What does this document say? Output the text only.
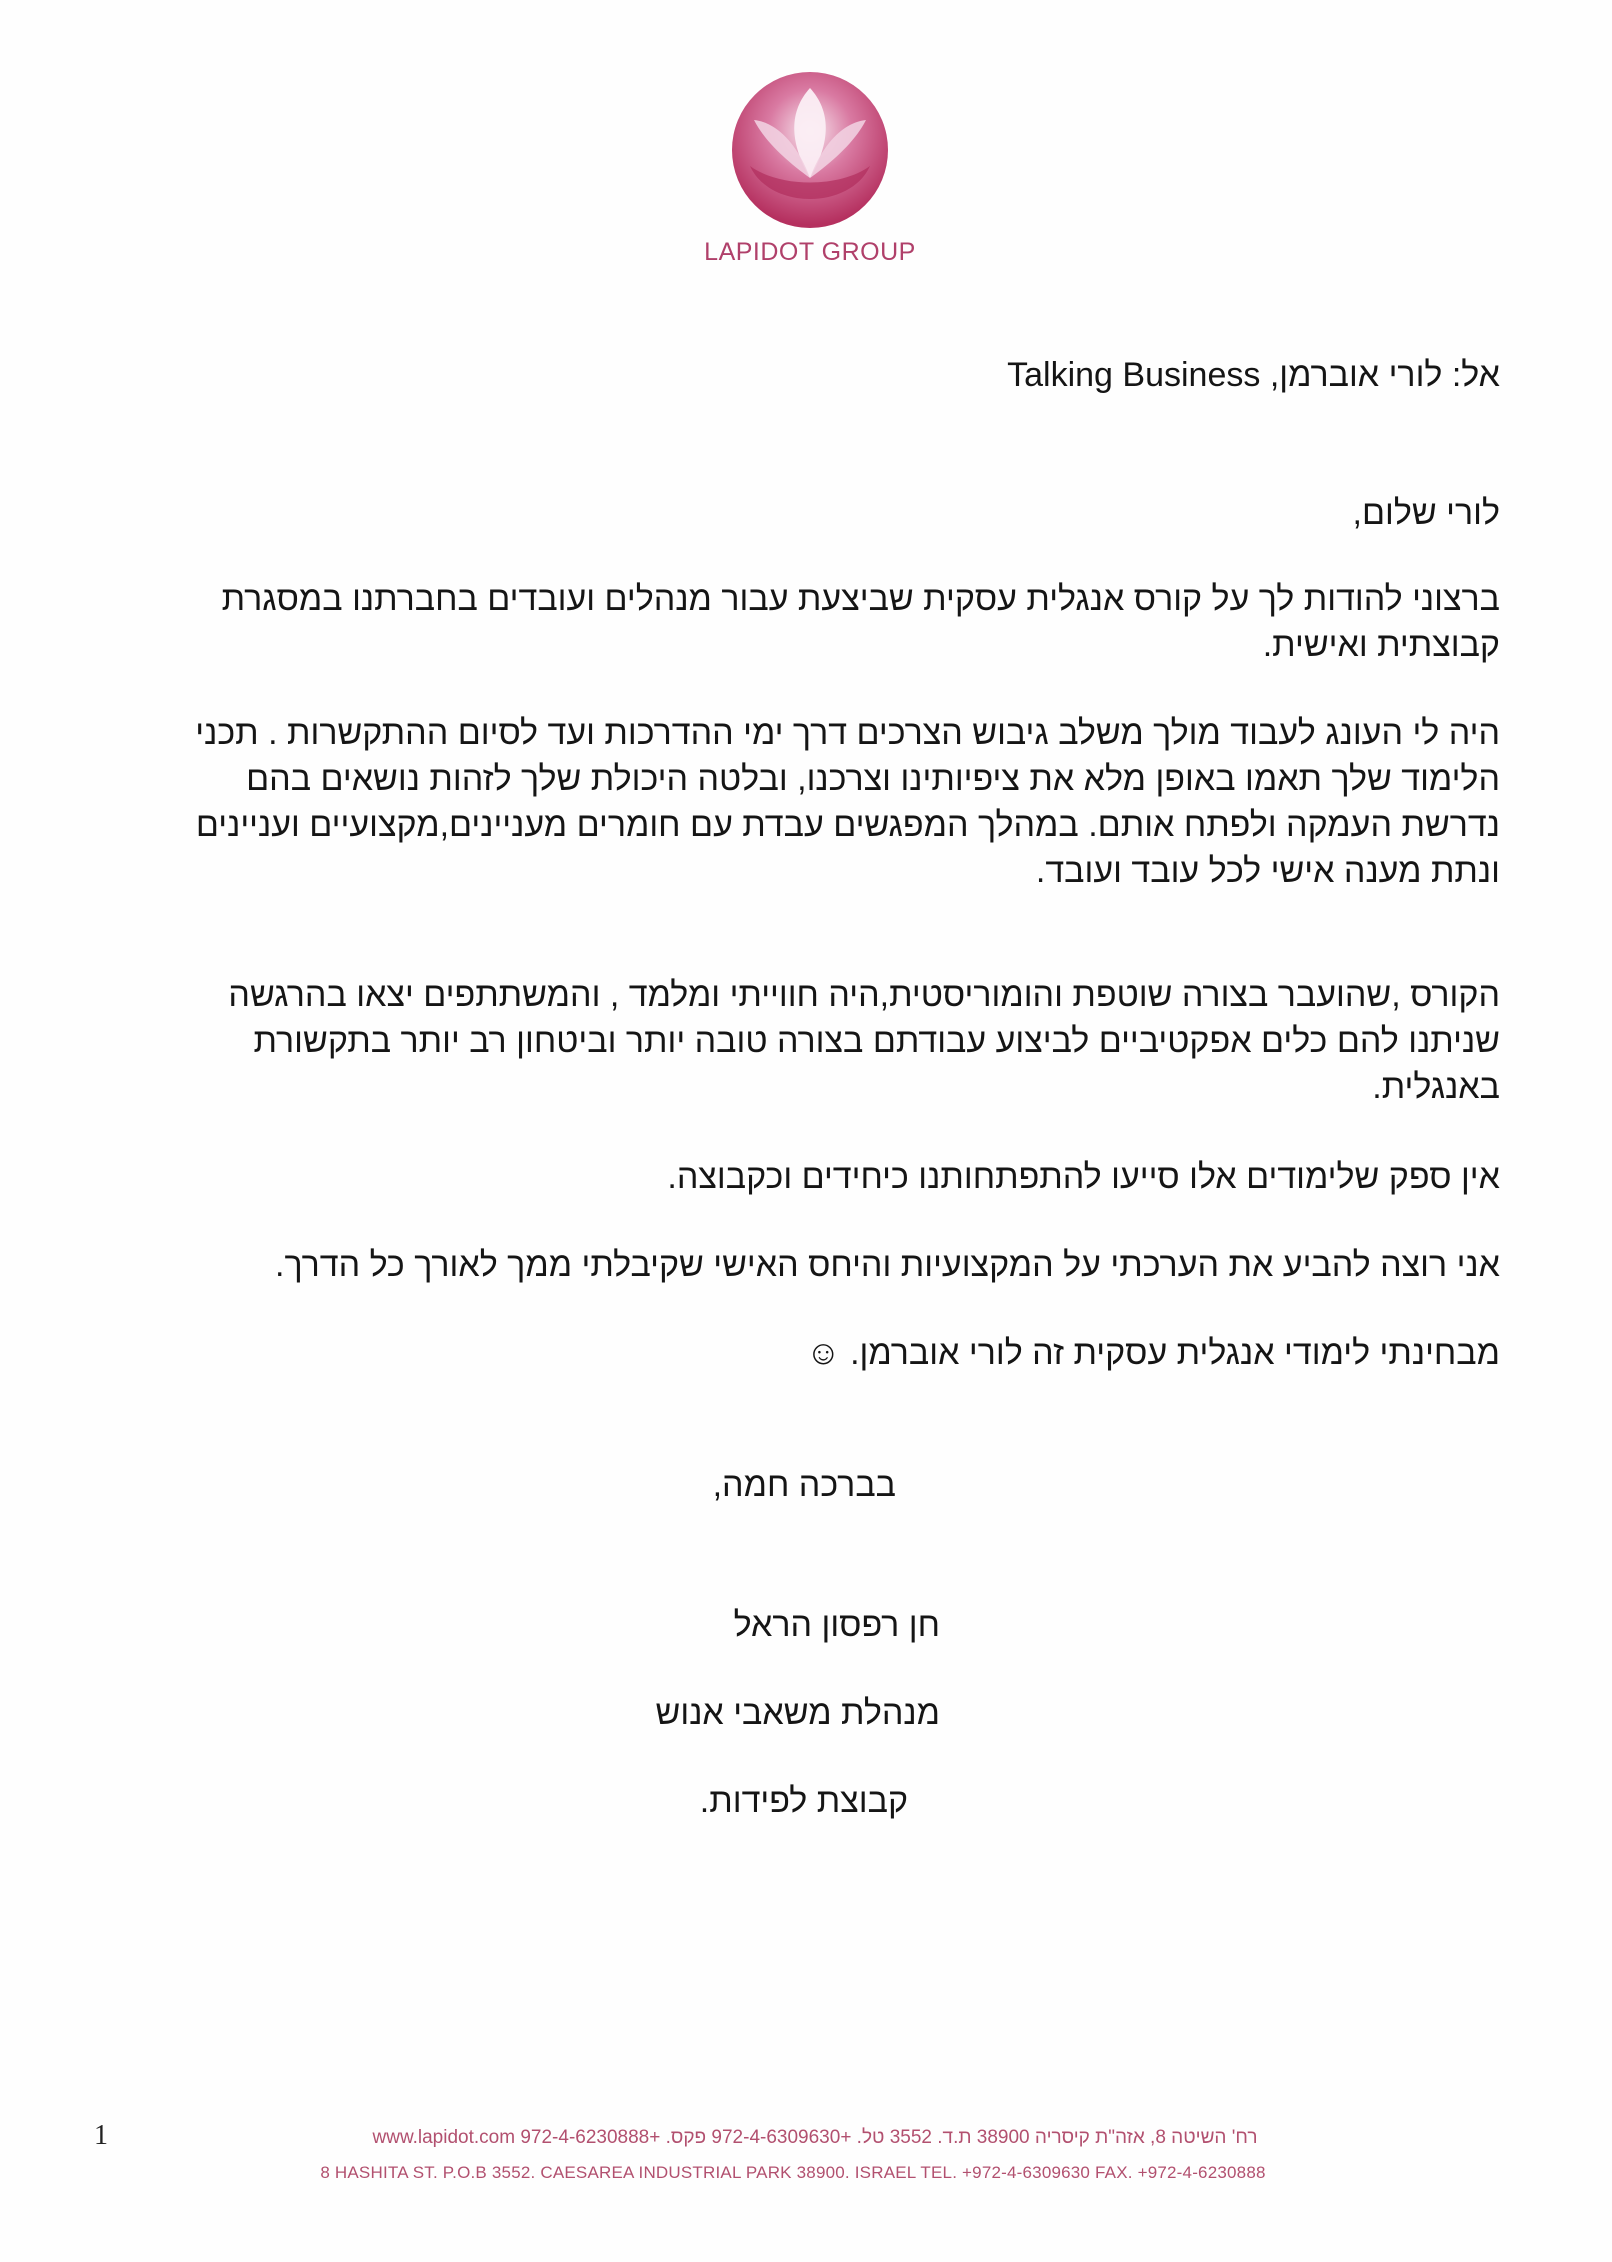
LAPIDOT GROUP

אל: לורי אוברמן, Talking Business

לורי שלום,

ברצוני להודות לך על קורס אנגלית עסקית שביצעת עבור מנהלים ועובדים בחברתנו במסגרת קבוצתית ואישית.

היה לי העונג לעבוד מולך משלב גיבוש הצרכים דרך ימי ההדרכות ועד לסיום ההתקשרות . תכני הלימוד שלך תאמו באופן מלא את ציפיותינו וצרכנו, ובלטה היכולת שלך לזהות נושאים בהם נדרשת העמקה ולפתח אותם. במהלך המפגשים עבדת עם חומרים מעניינים,מקצועיים ועניינים ונתת מענה אישי לכל עובד ועובד.

הקורס ,שהועבר בצורה שוטפת והומוריסטית,היה חווייתי ומלמד , והמשתתפים יצאו בהרגשה שניתנו להם כלים אפקטיביים לביצוע עבודתם בצורה טובה יותר וביטחון רב יותר בתקשורת באנגלית.

אין ספק שלימודים אלו סייעו להתפתחותנו כיחידים וכקבוצה.

אני רוצה להביע את הערכתי על המקצועיות והיחס האישי שקיבלתי ממך לאורך כל הדרך.

מבחינתי לימודי אנגלית עסקית זה לורי אוברמן. ☺

בברכה חמה,

חן רפסון הראל

מנהלת משאבי אנוש

קבוצת לפידות.

1	רח' השיטה 8, אזה"ת קיסריה 38900 ת.ד. 3552 טל. +972-4-6309630 פקס. +972-4-6230888 www.lapidot.com
8 HASHITA ST. P.O.B 3552. CAESAREA INDUSTRIAL PARK 38900. ISRAEL TEL. +972-4-6309630 FAX. +972-4-6230888
